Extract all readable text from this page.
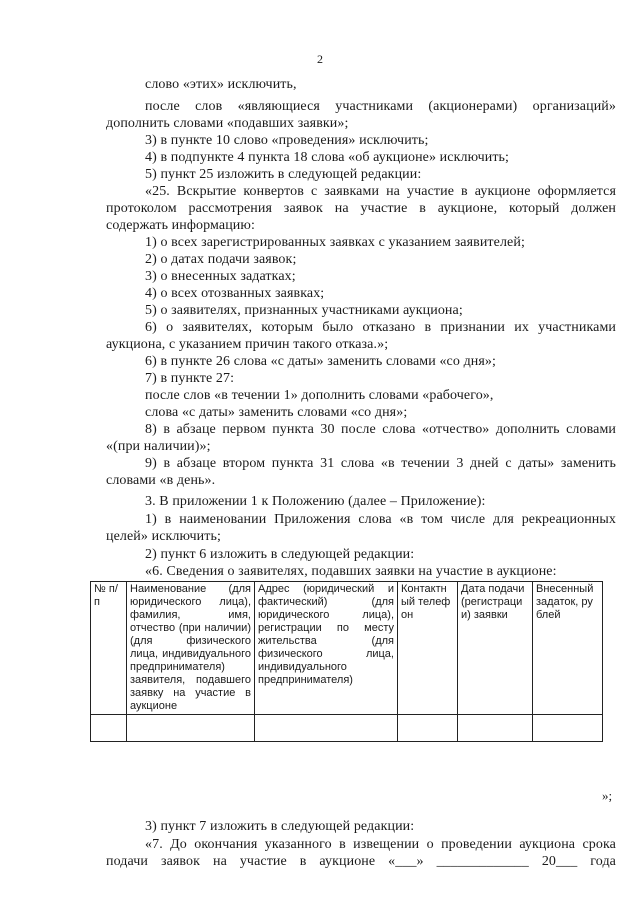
2
слово «этих» исключить,
после слов «являющиеся участниками (акционерами) организаций»
дополнить словами «подавших заявки»;
3) в пункте 10 слово «проведения» исключить;
4) в подпункте 4 пункта 18 слова «об аукционе» исключить;
5) пункт 25 изложить в следующей редакции:
«25. Вскрытие конвертов с заявками на участие в аукционе оформляется
протоколом рассмотрения заявок на участие в аукционе, который должен
содержать информацию:
1) о всех зарегистрированных заявках с указанием заявителей;
2) о датах подачи заявок;
3) о внесенных задатках;
4) о всех отозванных заявках;
5) о заявителях, признанных участниками аукциона;
6) о заявителях, которым было отказано в признании их участниками
аукциона, с указанием причин такого отказа.»;
6) в пункте 26 слова «с даты» заменить словами «со дня»;
7) в пункте 27:
после слов «в течении 1» дополнить словами «рабочего»,
слова «с даты» заменить словами «со дня»;
8) в абзаце первом пункта 30 после слова «отчество» дополнить словами
«(при наличии)»;
9) в абзаце втором пункта 31 слова «в течении 3 дней с даты» заменить
словами «в день».
3. В приложении 1 к Положению (далее – Приложение):
1) в наименовании Приложения слова «в том числе для рекреационных
целей» исключить;
2) пункт 6 изложить в следующей редакции:
«6. Сведения о заявителях, подавших заявки на участие в аукционе:
№ п/п	Наименование (для юридического лица), фамилия, имя, отчество (при наличии) (для физического лица, индивидуального предпринимателя) заявителя, подавшего заявку на участие в аукционе	Адрес (юридический и фактический) (для юридического лица), регистрации по месту жительства (для физического лица, индивидуального предпринимателя)	Контактный телефон	Дата подачи (регистрации) заявки	Внесенный задаток, рублей

»;
3) пункт 7 изложить в следующей редакции:
«7. До окончания указанного в извещении о проведении аукциона срока
подачи заявок на участие в аукционе «___» _____________ 20___ года
